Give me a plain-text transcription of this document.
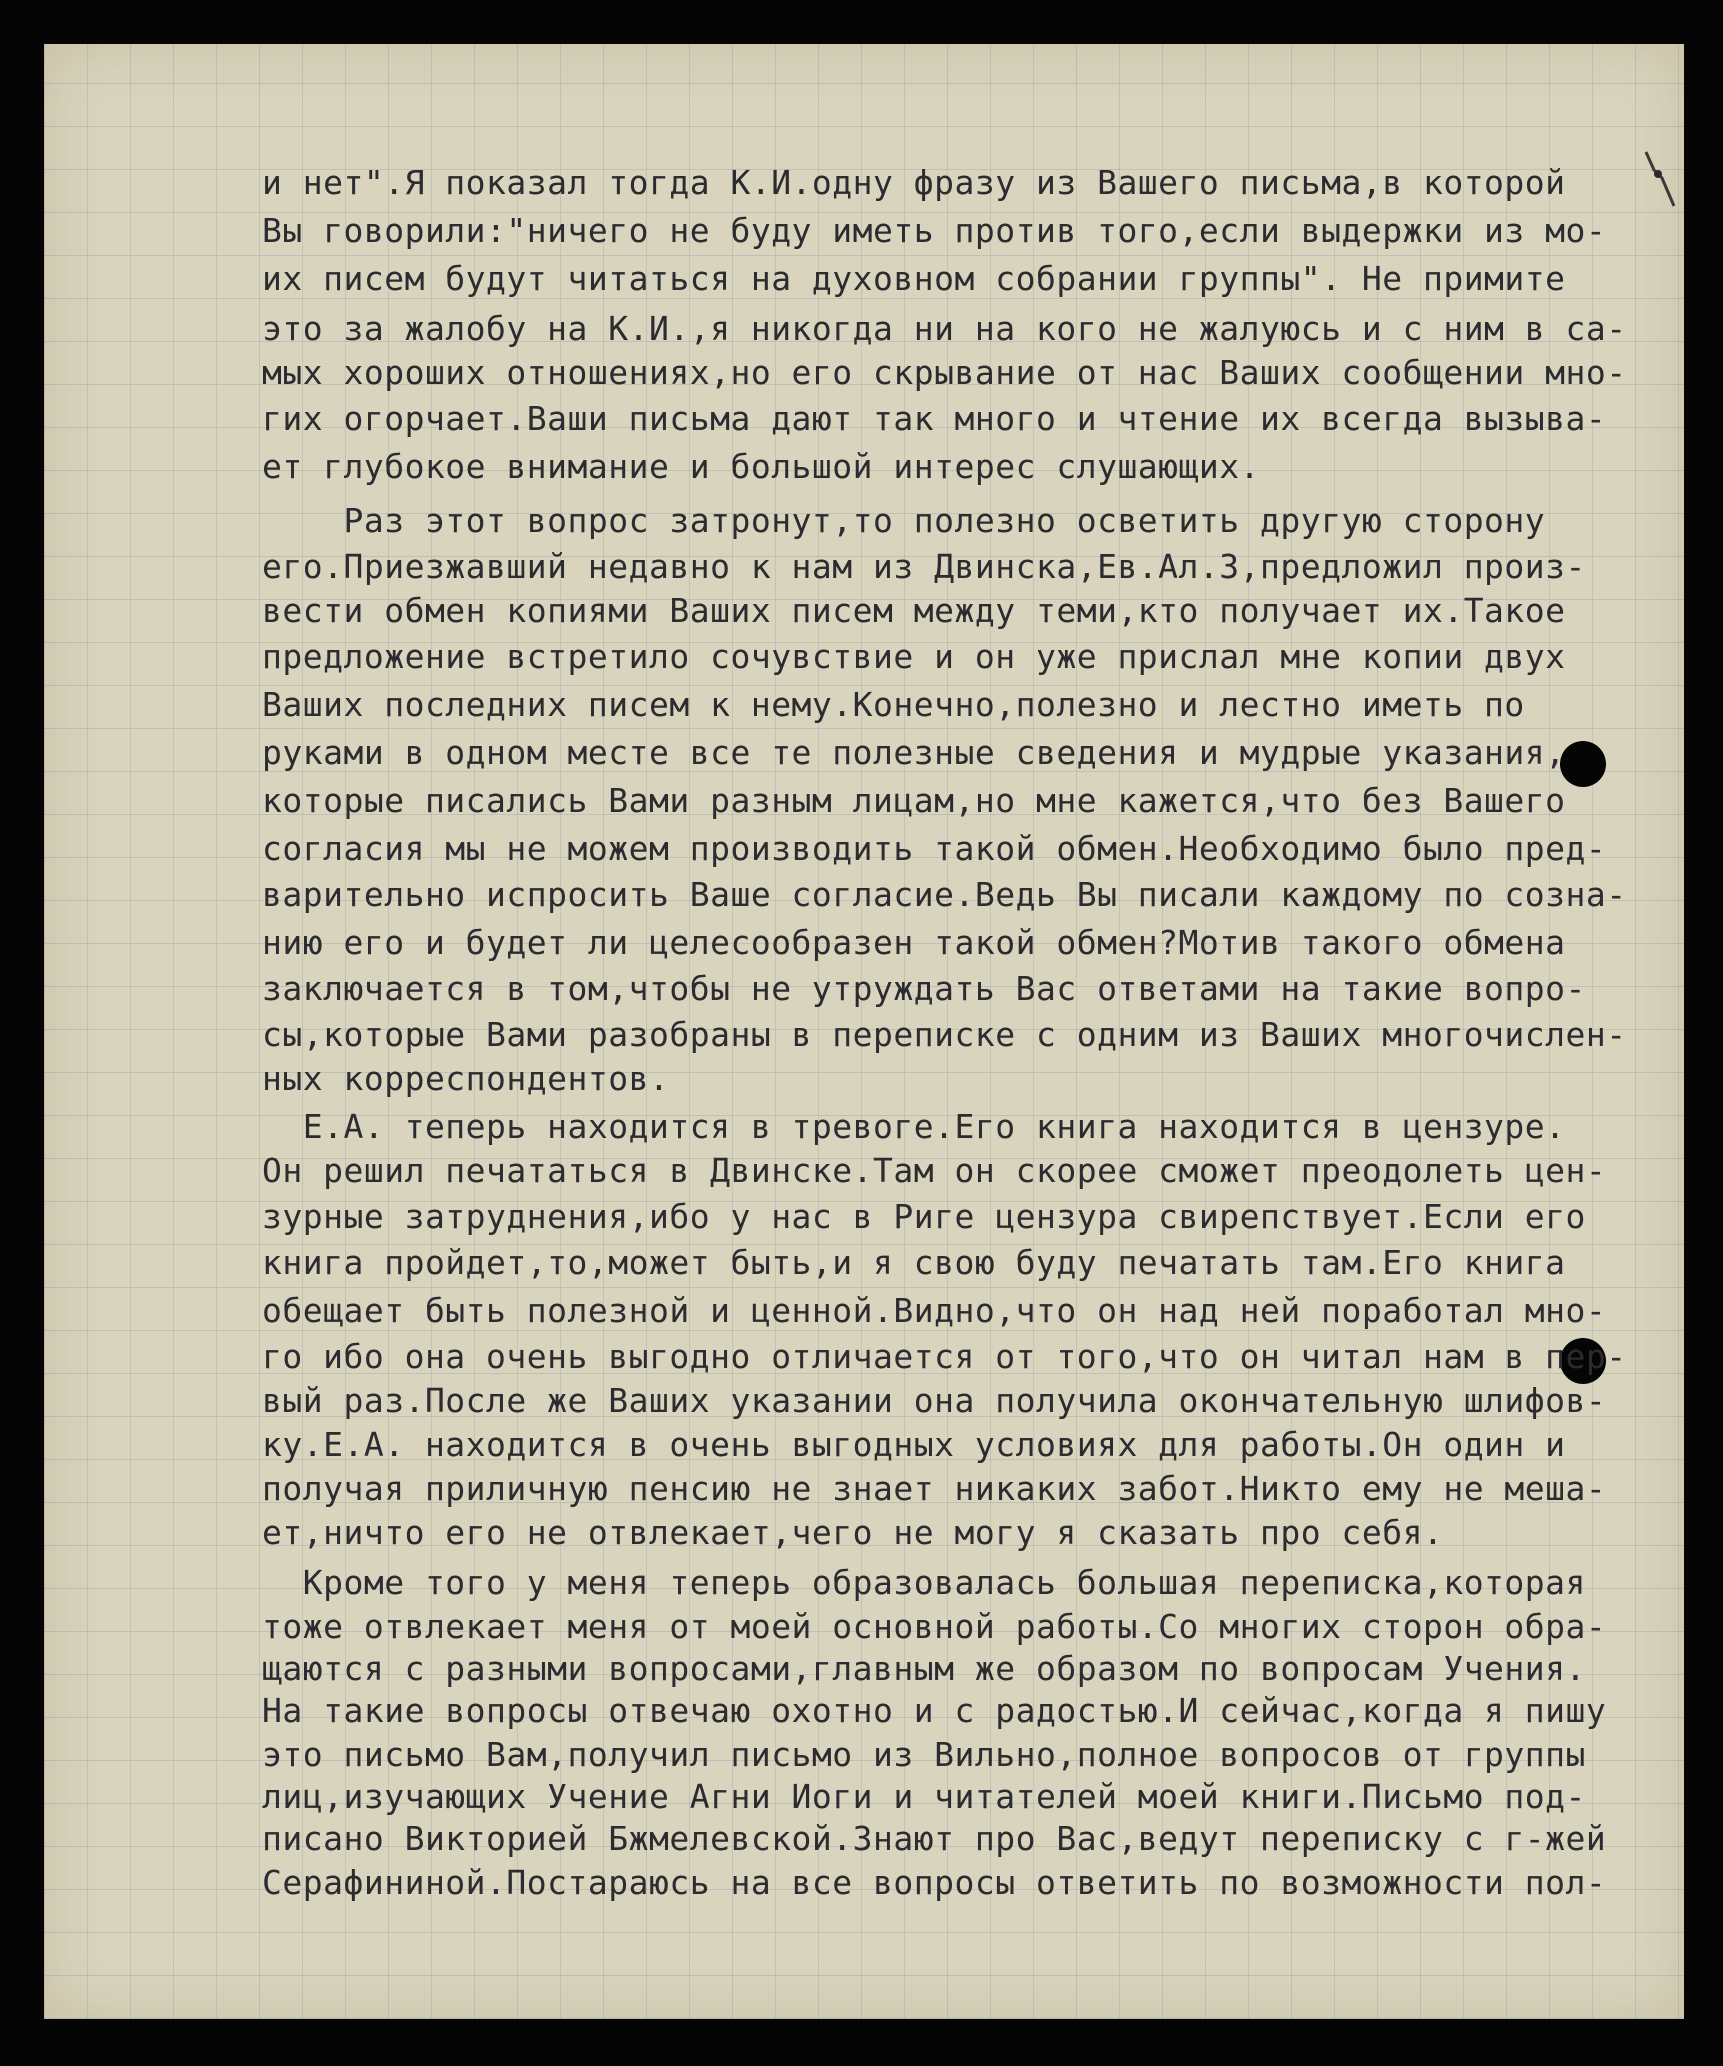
и нет".Я показал тогда К.И.одну фразу из Вашего письма,в которой
Вы говорили:"ничего не буду иметь против того,если выдержки из мо-
их писем будут читаться на духовном собрании группы". Не примите
это за жалобу на К.И.,я никогда ни на кого не жалуюсь и с ним в са-
мых хороших отношениях,но его скрывание от нас Ваших сообщении мно-
гих огорчает.Ваши письма дают так много и чтение их всегда вызыва-
ет глубокое внимание и большой интерес слушающих.
Раз этот вопрос затронут,то полезно осветить другую сторону
его.Приезжавший недавно к нам из Двинска,Ев.Ал.З,предложил произ-
вести обмен копиями Ваших писем между теми,кто получает их.Такое
предложение встретило сочувствие и он уже прислал мне копии двух
Ваших последних писем к нему.Конечно,полезно и лестно иметь по
руками в одном месте все те полезные сведения и мудрые указания,
которые писались Вами разным лицам,но мне кажется,что без Вашего
согласия мы не можем производить такой обмен.Необходимо было пред-
варительно испросить Ваше согласие.Ведь Вы писали каждому по созна-
нию его и будет ли целесообразен такой обмен?Мотив такого обмена
заключается в том,чтобы не утруждать Вас ответами на такие вопро-
сы,которые Вами разобраны в переписке с одним из Ваших многочислен-
ных корреспондентов.
Е.А. теперь находится в тревоге.Его книга находится в цензуре.
Он решил печататься в Двинске.Там он скорее сможет преодолеть цен-
зурные затруднения,ибо у нас в Риге цензура свирепствует.Если его
книга пройдет,то,может быть,и я свою буду печатать там.Его книга
обещает быть полезной и ценной.Видно,что он над ней поработал мно-
го ибо она очень выгодно отличается от того,что он читал нам в пер-
вый раз.После же Ваших указании она получила окончательную шлифов-
ку.Е.А. находится в очень выгодных условиях для работы.Он один и
получая приличную пенсию не знает никаких забот.Никто ему не меша-
ет,ничто его не отвлекает,чего не могу я сказать про себя.
Кроме того у меня теперь образовалась большая переписка,которая
тоже отвлекает меня от моей основной работы.Со многих сторон обра-
щаются с разными вопросами,главным же образом по вопросам Учения.
На такие вопросы отвечаю охотно и с радостью.И сейчас,когда я пишу
это письмо Вам,получил письмо из Вильно,полное вопросов от группы
лиц,изучающих Учение Агни Иоги и читателей моей книги.Письмо под-
писано Викторией Бжмелевской.Знают про Вас,ведут переписку с г-жей
Серафининой.Постараюсь на все вопросы ответить по возможности пол-
